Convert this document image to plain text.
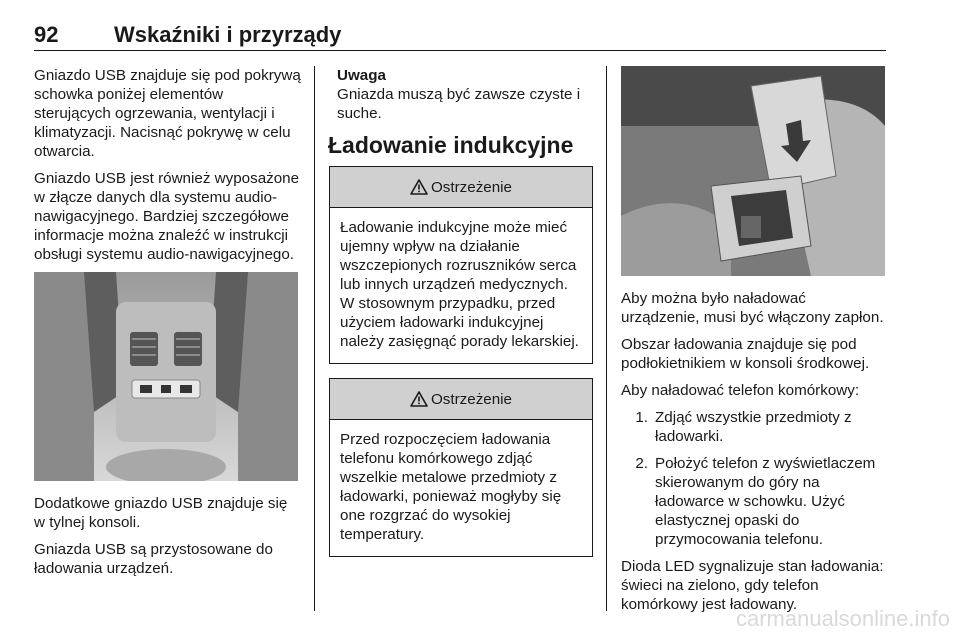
92	Wskaźniki i przyrządy

Gniazdo USB znajduje się pod pokrywą schowka poniżej elementów sterujących ogrzewania, wentylacji i klimatyzacji. Nacisnąć pokrywę w celu otwarcia.

Gniazdo USB jest również wyposażone w złącze danych dla systemu audio-nawigacyjnego. Bardziej szczegółowe informacje można znaleźć w instrukcji obsługi systemu audio-nawigacyjnego.

Dodatkowe gniazdo USB znajduje się w tylnej konsoli.

Gniazda USB są przystosowane do ładowania urządzeń.

Uwaga

Gniazda muszą być zawsze czyste i suche.

Ładowanie indukcyjne
Ostrzeżenie
Ładowanie indukcyjne może mieć ujemny wpływ na działanie wszczepionych rozruszników serca lub innych urządzeń medycznych. W stosownym przypadku, przed użyciem ładowarki indukcyjnej należy zasięgnąć porady lekarskiej.
Ostrzeżenie
Przed rozpoczęciem ładowania telefonu komórkowego zdjąć wszelkie metalowe przedmioty z ładowarki, ponieważ mogłyby się one rozgrzać do wysokiej temperatury.

Aby można było naładować urządzenie, musi być włączony zapłon.

Obszar ładowania znajduje się pod podłokietnikiem w konsoli środkowej.

Aby naładować telefon komórkowy:

1. Zdjąć wszystkie przedmioty z ładowarki.
2. Położyć telefon z wyświetlaczem skierowanym do góry na ładowarce w schowku. Użyć elastycznej opaski do przymocowania telefonu.

Dioda LED sygnalizuje stan ładowania: świeci na zielono, gdy telefon komórkowy jest ładowany.

carmanualsonline.info
